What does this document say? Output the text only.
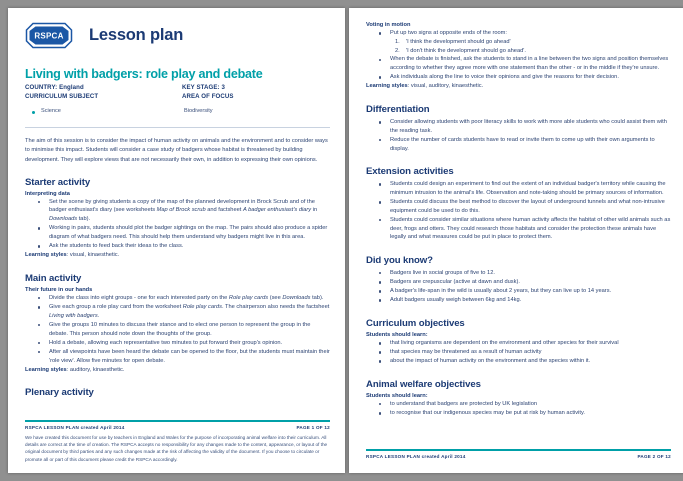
RSPCA Lesson plan
Living with badgers: role play and debate
COUNTRY: England	KEY STAGE: 3
CURRICULUM SUBJECT	AREA OF FOCUS
Science	Biodiversity

The aim of this session is to consider the impact of human activity on animals and the environment and to consider ways to minimise this impact. Students will consider a case study of badgers whose habitat is threatened by building development. They will explore views that are not necessarily their own, in addition to expressing their own opinions.

Starter activity
Interpreting data
Set the scene by giving students a copy of the map of the planned development in Brock Scrub and of the badger enthusiast's diary (see worksheets Map of Brock scrub and factsheet A badger enthusiast's diary in Downloads tab).
Working in pairs, students should plot the badger sightings on the map. The pairs should also produce a spider diagram of what badgers need. This should help them understand why badgers might live in this area.
Ask the students to feed back their ideas to the class.
Learning styles: visual, kinaesthetic.
Main activity
Their future in our hands
Divide the class into eight groups - one for each interested party on the Role play cards (see Downloads tab).
Give each group a role play card from the worksheet Role play cards. The chairperson also needs the factsheet Living with badgers.
Give the groups 10 minutes to discuss their stance and to elect one person to represent the group in the debate. This person should note down the thoughts of the group.
Hold a debate, allowing each representative two minutes to put forward their group's opinion.
After all viewpoints have been heard the debate can be opened to the floor, but the students must maintain their 'role view'. Allow five minutes for open debate.
Learning styles: auditory, kinaesthetic.
Plenary activity
RSPCA LESSON PLAN created April 2014	PAGE 1 OF 12
We have created this document for use by teachers in England and Wales for the purpose of incorporating animal welfare into their curriculum. All details are correct at the time of creation. The RSPCA accepts no responsibility for any changes made to the content, appearance, or layout of the original document by third parties and any such changes made at the risk of affecting the validity of the document. If you choose to circulate or promote all or part of this document please credit the RSPCA accordingly.
Voting in motion
Put up two signs at opposite ends of the room:
'I think the development should go ahead'
'I don't think the development should go ahead'.
When the debate is finished, ask the students to stand in a line between the two signs and position themselves according to whether they agree more with one statement than the other - or in the middle if they're unsure.
Ask individuals along the line to voice their opinions and give the reasons for their decision.
Learning styles: visual, auditory, kinaesthetic.
Differentiation
Consider allowing students with poor literacy skills to work with more able students who could assist them with the reading task.
Reduce the number of cards students have to read or invite them to come up with their own arguments to display.
Extension activities
Students could design an experiment to find out the extent of an individual badger's territory while causing the minimum intrusion to the animal's life. Observation and note-taking should be primary sources of information.
Students could discuss the best method to discover the layout of underground tunnels and what non-intrusive equipment could be used to do this.
Students could consider similar situations where human activity affects the habitat of other wild animals such as deer, frogs and otters. They could research those habitats and consider the protection these animals have legally and what measures could be put in place to protect them.
Did you know?
Badgers live in social groups of five to 12.
Badgers are crepuscular (active at dawn and dusk).
A badger's life-span in the wild is usually about 2 years, but they can live up to 14 years.
Adult badgers usually weigh between 6kg and 14kg.
Curriculum objectives
Students should learn:
that living organisms are dependent on the environment and other species for their survival
that species may be threatened as a result of human activity
about the impact of human activity on the environment and the species within it.
Animal welfare objectives
Students should learn:
to understand that badgers are protected by UK legislation
to recognise that our indigenous species may be put at risk by human activity.
RSPCA LESSON PLAN created April 2014	PAGE 2 OF 12
